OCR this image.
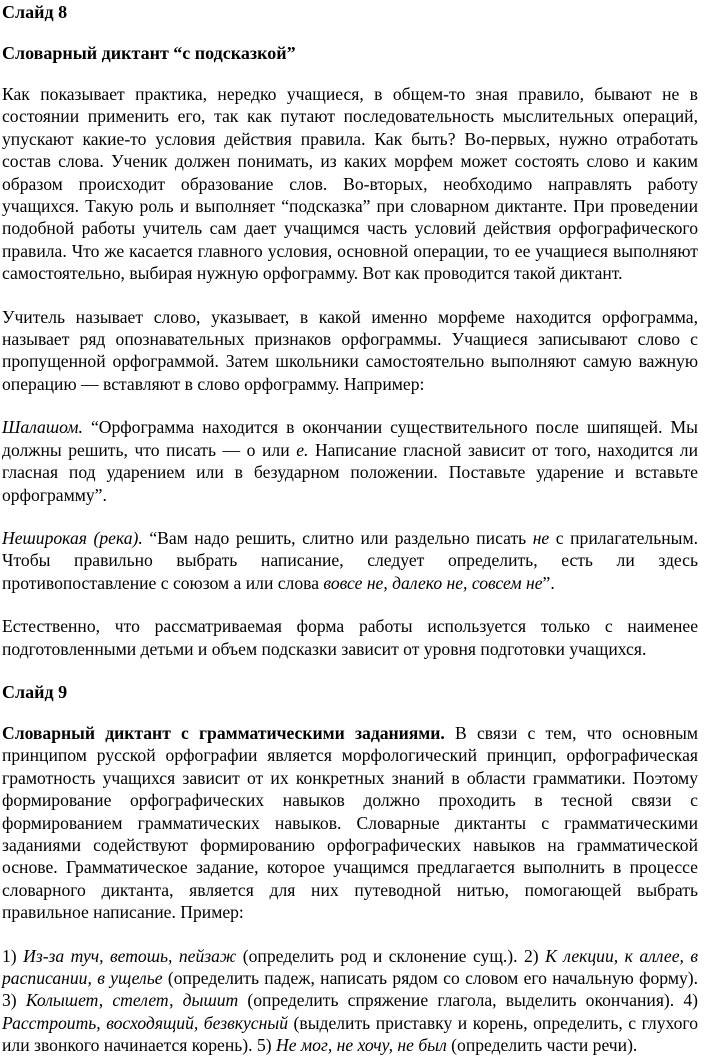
Слайд 8
Словарный диктант “с подсказкой”

Как показывает практика, нередко учащиеся, в общем-то зная правило, бывают не в состоянии применить его, так как путают последовательность мыслительных операций, упускают какие-то условия действия правила. Как быть? Во-первых, нужно отработать состав слова. Ученик должен понимать, из каких морфем может состоять слово и каким образом происходит образование слов. Во-вторых, необходимо направлять работу учащихся. Такую роль и выполняет “подсказка” при словарном диктанте. При проведении подобной работы учитель сам дает учащимся часть условий действия орфографического правила. Что же касается главного условия, основной операции, то ее учащиеся выполняют самостоятельно, выбирая нужную орфограмму. Вот как проводится такой диктант.

Учитель называет слово, указывает, в какой именно морфеме находится орфограмма, называет ряд опознавательных признаков орфограммы. Учащиеся записывают слово с пропущенной орфограммой. Затем школьники самостоятельно выполняют самую важную операцию — вставляют в слово орфограмму. Например:

Шалашом. “Орфограмма находится в окончании существительного после шипящей. Мы должны решить, что писать — о или е. Написание гласной зависит от того, находится ли гласная под ударением или в безударном положении. Поставьте ударение и вставьте орфограмму”.

Неширокая (река). “Вам надо решить, слитно или раздельно писать не с прилагательным. Чтобы правильно выбрать написание, следует определить, есть ли здесь противопоставление с союзом а или слова вовсе не, далеко не, совсем не”.

Естественно, что рассматриваемая форма работы используется только с наименее подготовленными детьми и объем подсказки зависит от уровня подготовки учащихся.

Слайд 9

Словарный диктант с грамматическими заданиями. В связи с тем, что основным принципом русской орфографии является морфологический принцип, орфографическая грамотность учащихся зависит от их конкретных знаний в области грамматики. Поэтому формирование орфографических навыков должно проходить в тесной связи с формированием грамматических навыков. Словарные диктанты с грамматическими заданиями содействуют формированию орфографических навыков на грамматической основе. Грамматическое задание, которое учащимся предлагается выполнить в процессе словарного диктанта, является для них путеводной нитью, помогающей выбрать правильное написание. Пример:

1) Из-за туч, ветошь, пейзаж (определить род и склонение сущ.). 2) К лекции, к аллее, в расписании, в ущелье (определить падеж, написать рядом со словом его начальную форму). 3) Колышет, стелет, дышит (определить спряжение глагола, выделить окончания). 4) Расстроить, восходящий, безвкусный (выделить приставку и корень, определить, с глухого или звонкого начинается корень). 5) Не мог, не хочу, не был (определить части речи).
